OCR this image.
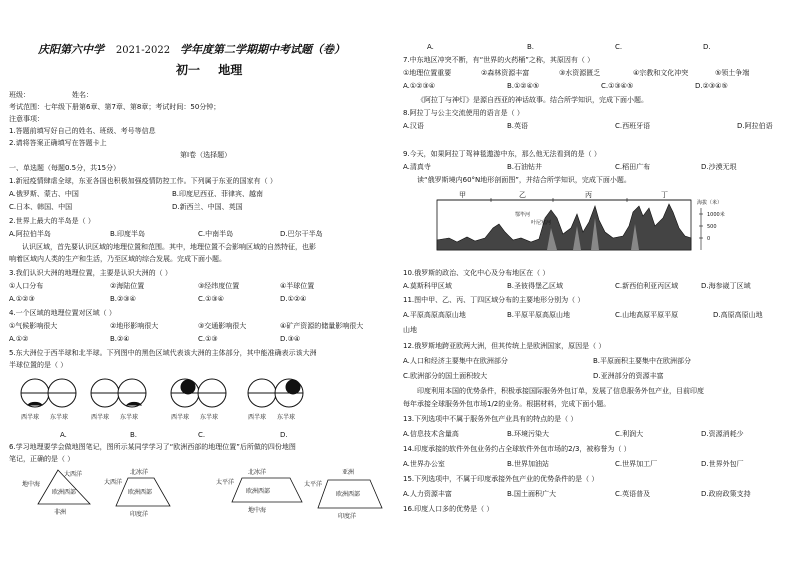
庆阳第六中学 2021-2022 学年度第二学期期中考试题（卷）
初一 地理
班级：	姓名：
考试范围：七年级下册第6章、第7章、第8章；考试时间：50分钟；
注意事项：
1.答题前填写好自己的姓名、班级、考号等信息
2.请将答案正确填写在答题卡上
第Ⅰ卷（选择题）
一、单选题（每题0.5分，共15分）
1.新冠疫情肆虐全球，东亚各国也积极加强疫情防控工作。下列属于东亚的国家有（ ）
A.俄罗斯、蒙古、中国	B.印度尼西亚、菲律宾、越南
C.日本、韩国、中国	D.新西兰、中国、英国
2.世界上最大的半岛是（ ）
A.阿拉伯半岛	B.印度半岛	C.中南半岛	D.巴尔干半岛
认识区域，首先要认识区域的地理位置和范围。其中，地理位置不会影响区域的自然特征，也影
响着区域内人类的生产和生活，乃至区域的综合发展。完成下面小题。
3.我们认识大洲的地理位置，主要是认识大洲的（ ）
①人口分布	②海陆位置	③经纬度位置	④半球位置
A.①②③	B.②③④	C.①③④	D.①②④
4.一个区域的地理位置对区域（ ）
①气候影响很大	②地形影响很大	③交通影响很大	④矿产资源的储量影响很大
A.①②	B.②④	C.①③	D.③④
5.东大洲位于西半球和北半球。下列图中的黑色区域代表该大洲的主体部分，其中能准确表示该大洲
半球位置的是（ ）
西半球 东半球	西半球 东半球	西半球 东半球	西半球 东半球
A.	B.	C.	D.
6.学习地理要学会做地图笔记，图所示某同学学习了“欧洲西部的地理位置”后所做的四份地图
笔记，正确的是（ ）
地中海
大西洋
欧洲西部
非洲
大西洋
北冰洋
欧洲西部
印度洋
太平洋
北冰洋
欧洲西部
地中海
太平洋
亚洲
欧洲西部
印度洋
A.	B.	C.	D.
7.中东地区冲突不断，有“世界的火药桶”之称，其原因有（ ）
①地理位置重要	②森林资源丰富	③水资源匮乏	④宗教和文化冲突	⑤领土争端
A.①②③④	B.①②④⑤	C.①③④⑤	D.②③④⑤
《阿拉丁与神灯》是源自西亚的神话故事。结合所学知识，完成下面小题。
8.阿拉丁与公主交流使用的语言是（ ）
A.汉语	B.英语	C.西班牙语	D.阿拉伯语
9.今天，如果阿拉丁驾神毯遨游中东，那么他无法看到的是（ ）
A.清真寺	B.石油钻井	C.稻田广布	D.沙漠无垠
读“俄罗斯境内60°N地形剖面图”，并结合所学知识，完成下面小题。
甲	乙	丙	丁
鄂毕河
叶尼塞河
海拔（米）
1000米
500
0
10.俄罗斯的政治、文化中心及分布地区在（ ）
A.莫斯科甲区域	B.圣彼得堡乙区域	C.新西伯利亚丙区域	D.海参崴丁区域
11.图中甲、乙、丙、丁四区域分布的主要地形分别为（ ）
A.平原高原高原山地	B.平原平原高原山地	C.山地高原平原平原	D.高原高原山地
山地
12.俄罗斯地跨亚欧两大洲，但其传统上是欧洲国家，原因是（ ）
A.人口和经济主要集中在欧洲部分	B.平原面积主要集中在欧洲部分
C.欧洲部分的国土面积较大	D.亚洲部分的资源丰富
印度利用本国的优势条件，积极承接国际服务外包订单，发展了信息服务外包产业，目前印度
每年承接全球服务外包市场1/2的业务。根据材料，完成下面小题。
13.下列选项中不属于服务外包产业具有的特点的是（ ）
A.信息技术含量高	B.环境污染大	C.利润大	D.资源消耗少
14.印度承接的软件外包业务约占全球软件外包市场的2/3，被称誉为（ ）
A.世界办公室	B.世界加油站	C.世界加工厂	D.世界外包厂
15.下列选项中，不属于印度承接外包产业的优势条件的是（ ）
A.人力资源丰富	B.国土面积广大	C.英语普及	D.政府政策支持
16.印度人口多的优势是（ ）
